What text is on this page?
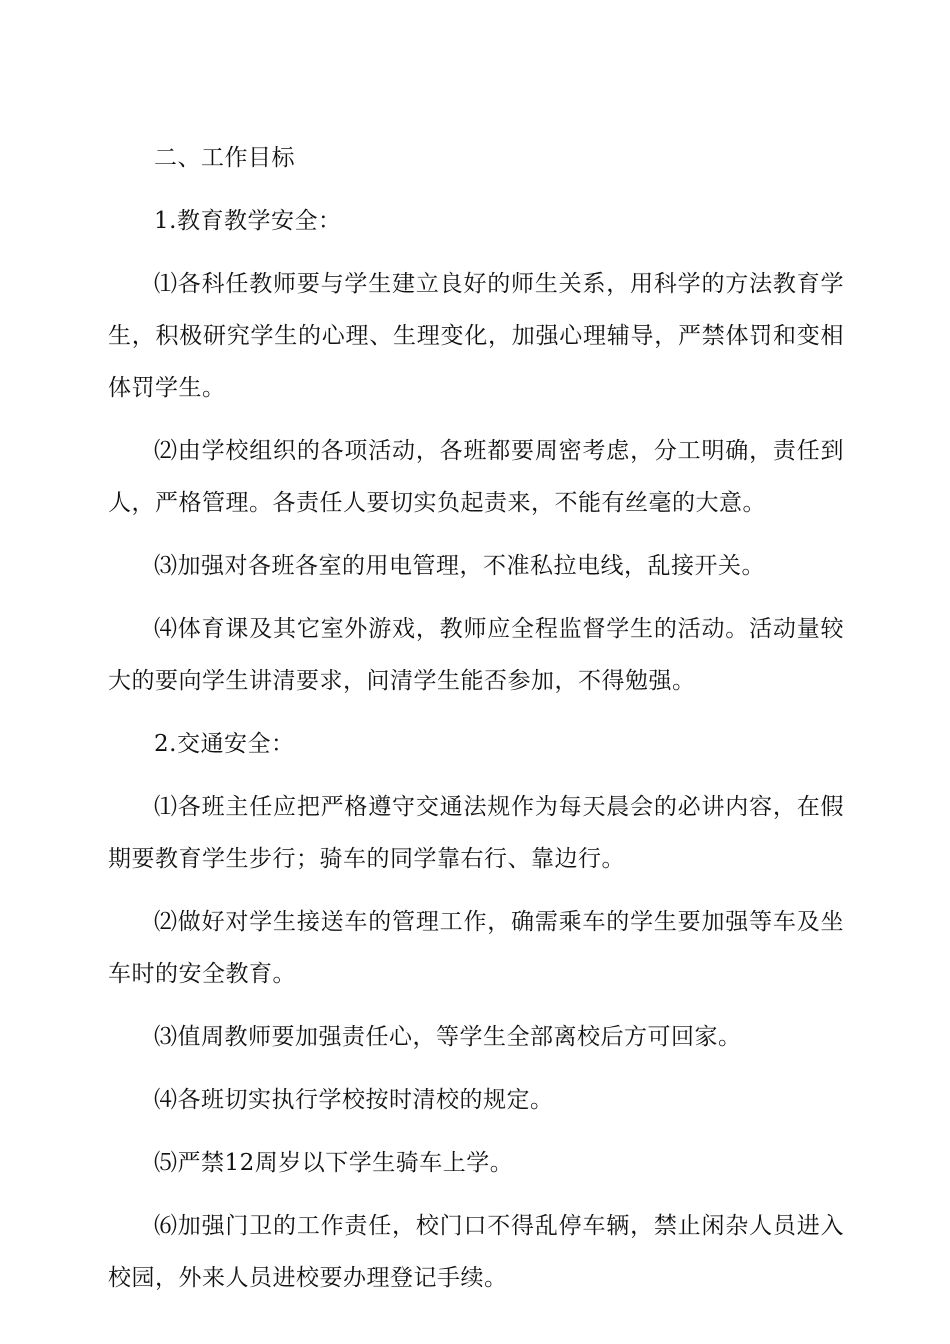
二、工作目标

1.教育教学安全：

⑴各科任教师要与学生建立良好的师生关系，用科学的方法教育学生，积极研究学生的心理、生理变化，加强心理辅导，严禁体罚和变相体罚学生。

⑵由学校组织的各项活动，各班都要周密考虑，分工明确，责任到人，严格管理。各责任人要切实负起责来，不能有丝毫的大意。

⑶加强对各班各室的用电管理，不准私拉电线，乱接开关。

⑷体育课及其它室外游戏，教师应全程监督学生的活动。活动量较大的要向学生讲清要求，问清学生能否参加，不得勉强。

2.交通安全：

⑴各班主任应把严格遵守交通法规作为每天晨会的必讲内容，在假期要教育学生步行；骑车的同学靠右行、靠边行。

⑵做好对学生接送车的管理工作，确需乘车的学生要加强等车及坐车时的安全教育。

⑶值周教师要加强责任心，等学生全部离校后方可回家。

⑷各班切实执行学校按时清校的规定。

⑸严禁12周岁以下学生骑车上学。

⑹加强门卫的工作责任，校门口不得乱停车辆，禁止闲杂人员进入校园，外来人员进校要办理登记手续。
